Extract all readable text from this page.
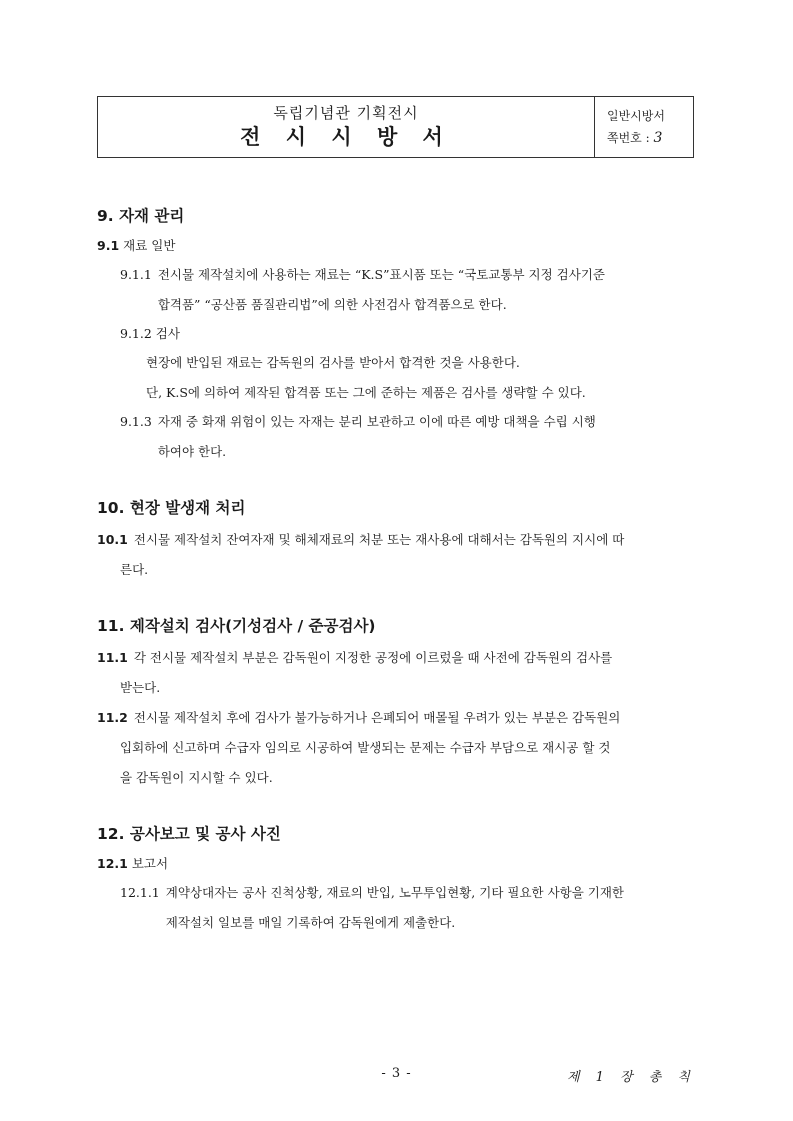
독립기념관 기획전시
전 시 시 방 서
일반시방서
쪽번호 : 3
9. 자재 관리
9.1 재료 일반
9.1.1 전시물 제작설치에 사용하는 재료는 “K.S”표시품 또는 “국토교통부 지정 검사기준
합격품” “공산품 품질관리법”에 의한 사전검사 합격품으로 한다.
9.1.2 검사
현장에 반입된 재료는 감독원의 검사를 받아서 합격한 것을 사용한다.
단, K.S에 의하여 제작된 합격품 또는 그에 준하는 제품은 검사를 생략할 수 있다.
9.1.3 자재 중 화재 위험이 있는 자재는 분리 보관하고 이에 따른 예방 대책을 수립 시행
하여야 한다.
10. 현장 발생재 처리
10.1 전시물 제작설치 잔여자재 및 해체재료의 처분 또는 재사용에 대해서는 감독원의 지시에 따
른다.
11. 제작설치 검사(기성검사 / 준공검사)
11.1 각 전시물 제작설치 부분은 감독원이 지정한 공정에 이르렀을 때 사전에 감독원의 검사를
받는다.
11.2 전시물 제작설치 후에 검사가 불가능하거나 은폐되어 매몰될 우려가 있는 부분은 감독원의
입회하에 신고하며 수급자 임의로 시공하여 발생되는 문제는 수급자 부담으로 재시공 할 것
을 감독원이 지시할 수 있다.
12. 공사보고 및 공사 사진
12.1 보고서
12.1.1 계약상대자는 공사 진척상황, 재료의 반입, 노무투입현황, 기타 필요한 사항을 기재한
제작설치 일보를 매일 기록하여 감독원에게 제출한다.
- 3 -	제 1 장 총 칙
